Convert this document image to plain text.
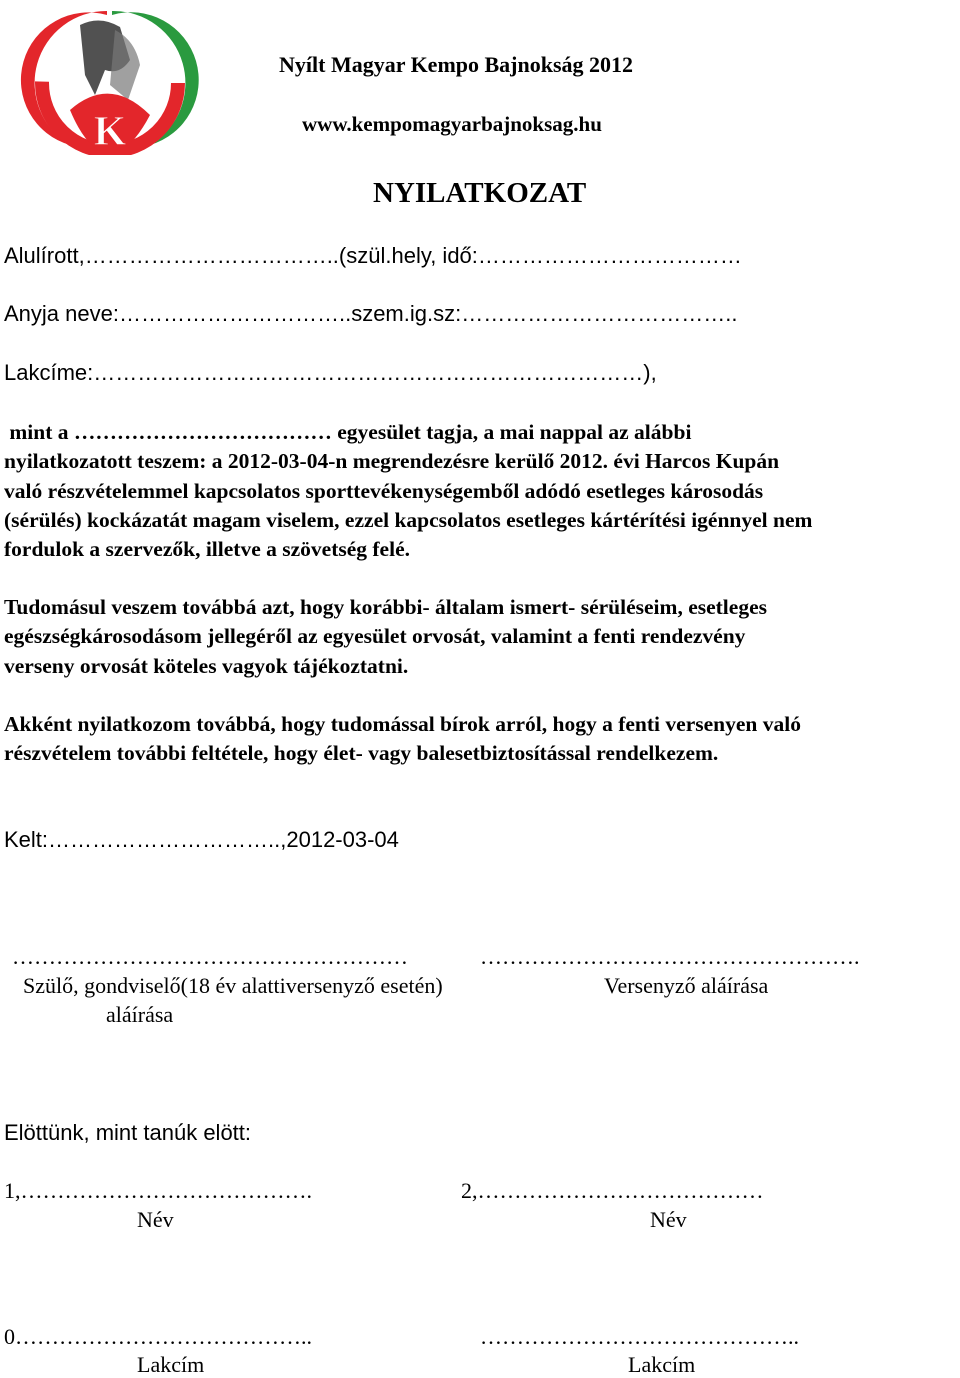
K
Nyílt Magyar Kempo Bajnokság 2012
www.kempomagyarbajnoksag.hu
NYILATKOZAT
Alulírott,……………………………..(szül.hely, idő:………………………………
Anyja neve:…………………………..szem.ig.sz:………………………………..
Lakcíme:…………………………………………………………………),
mint a ……………………………… egyesület tagja, a mai nappal az alábbi
nyilatkozatott teszem: a 2012-03-04-n megrendezésre kerülő 2012. évi Harcos Kupán
való részvételemmel kapcsolatos sporttevékenységemből adódó esetleges károsodás
(sérülés) kockázatát magam viselem, ezzel kapcsolatos esetleges kártérítési igénnyel nem
fordulok a szervezők, illetve a szövetség felé.
Tudomásul veszem továbbá azt, hogy korábbi- általam ismert- sérüléseim, esetleges
egészségkárosodásom jellegéről az egyesület orvosát, valamint a fenti rendezvény
verseny orvosát köteles vagyok tájékoztatni.
Akként nyilatkozom továbbá, hogy tudomással bírok arról, hogy a fenti versenyen való
részvételem további feltétele, hogy élet- vagy balesetbiztosítással rendelkezem.
Kelt:…………………………..,2012-03-04
………………………………………………	…………………………………………….
Szülő, gondviselő(18 év alattiversenyző esetén)
aláírása
Versenyző aláírása
Elöttünk, mint tanúk elött:
1,………………………………….	2,…………………………………
Név	Név
0…………………………………..	……………………………………..
Lakcím	Lakcím
